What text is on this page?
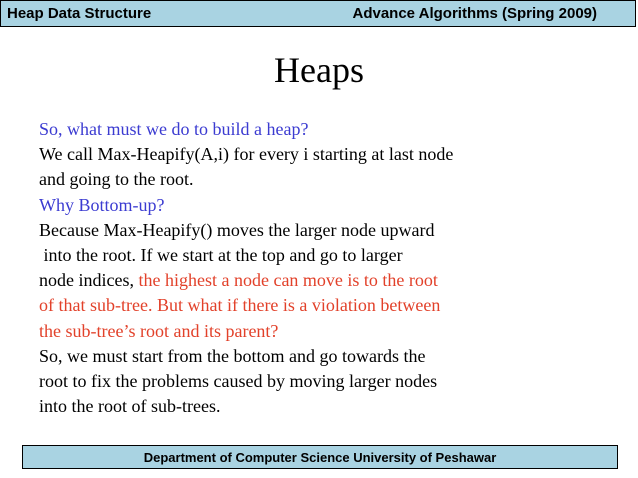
Heap Data Structure	Advance Algorithms (Spring 2009)
Heaps
So, what must we do to build a heap?
We call Max-Heapify(A,i) for every i starting at last node
and going to the root.
Why Bottom-up?
Because Max-Heapify() moves the larger node upward
into the root. If we start at the top and go to larger
node indices, the highest a node can move is to the root
of that sub-tree. But what if there is a violation between
the sub-tree’s root and its parent?
So, we must start from the bottom and go towards the
root to fix the problems caused by moving larger nodes
into the root of sub-trees.
Department of Computer Science University of Peshawar
